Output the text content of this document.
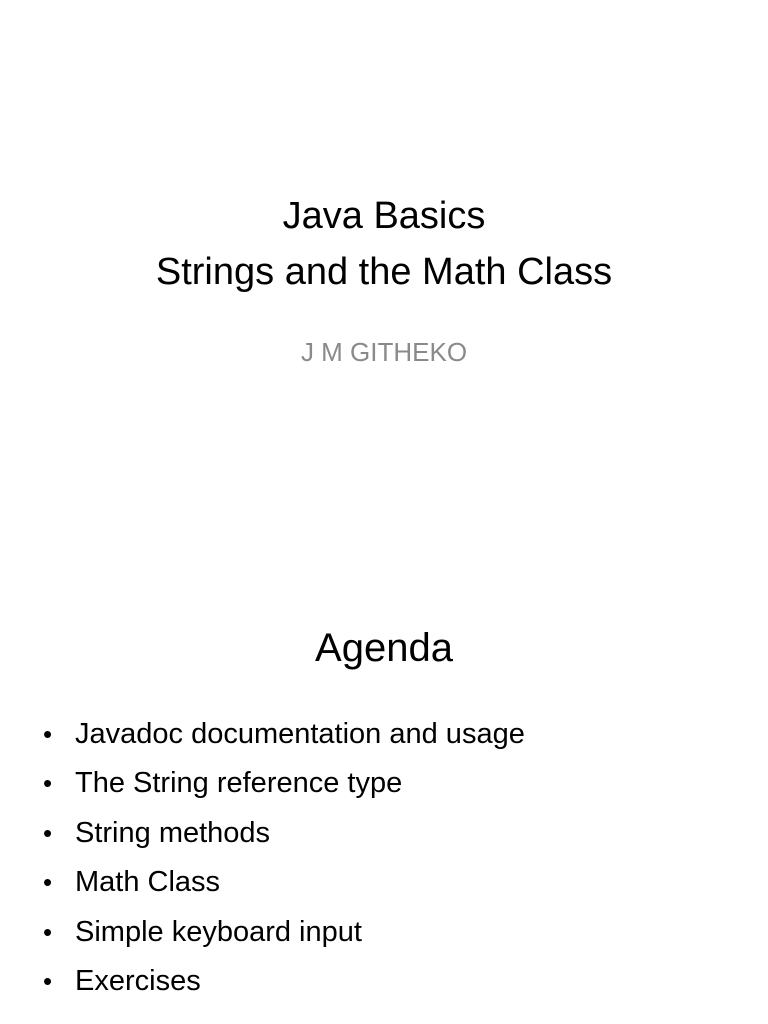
Java Basics
Strings and the Math Class
J M GITHEKO
Agenda
• Javadoc documentation and usage
• The String reference type
• String methods
• Math Class
• Simple keyboard input
• Exercises
